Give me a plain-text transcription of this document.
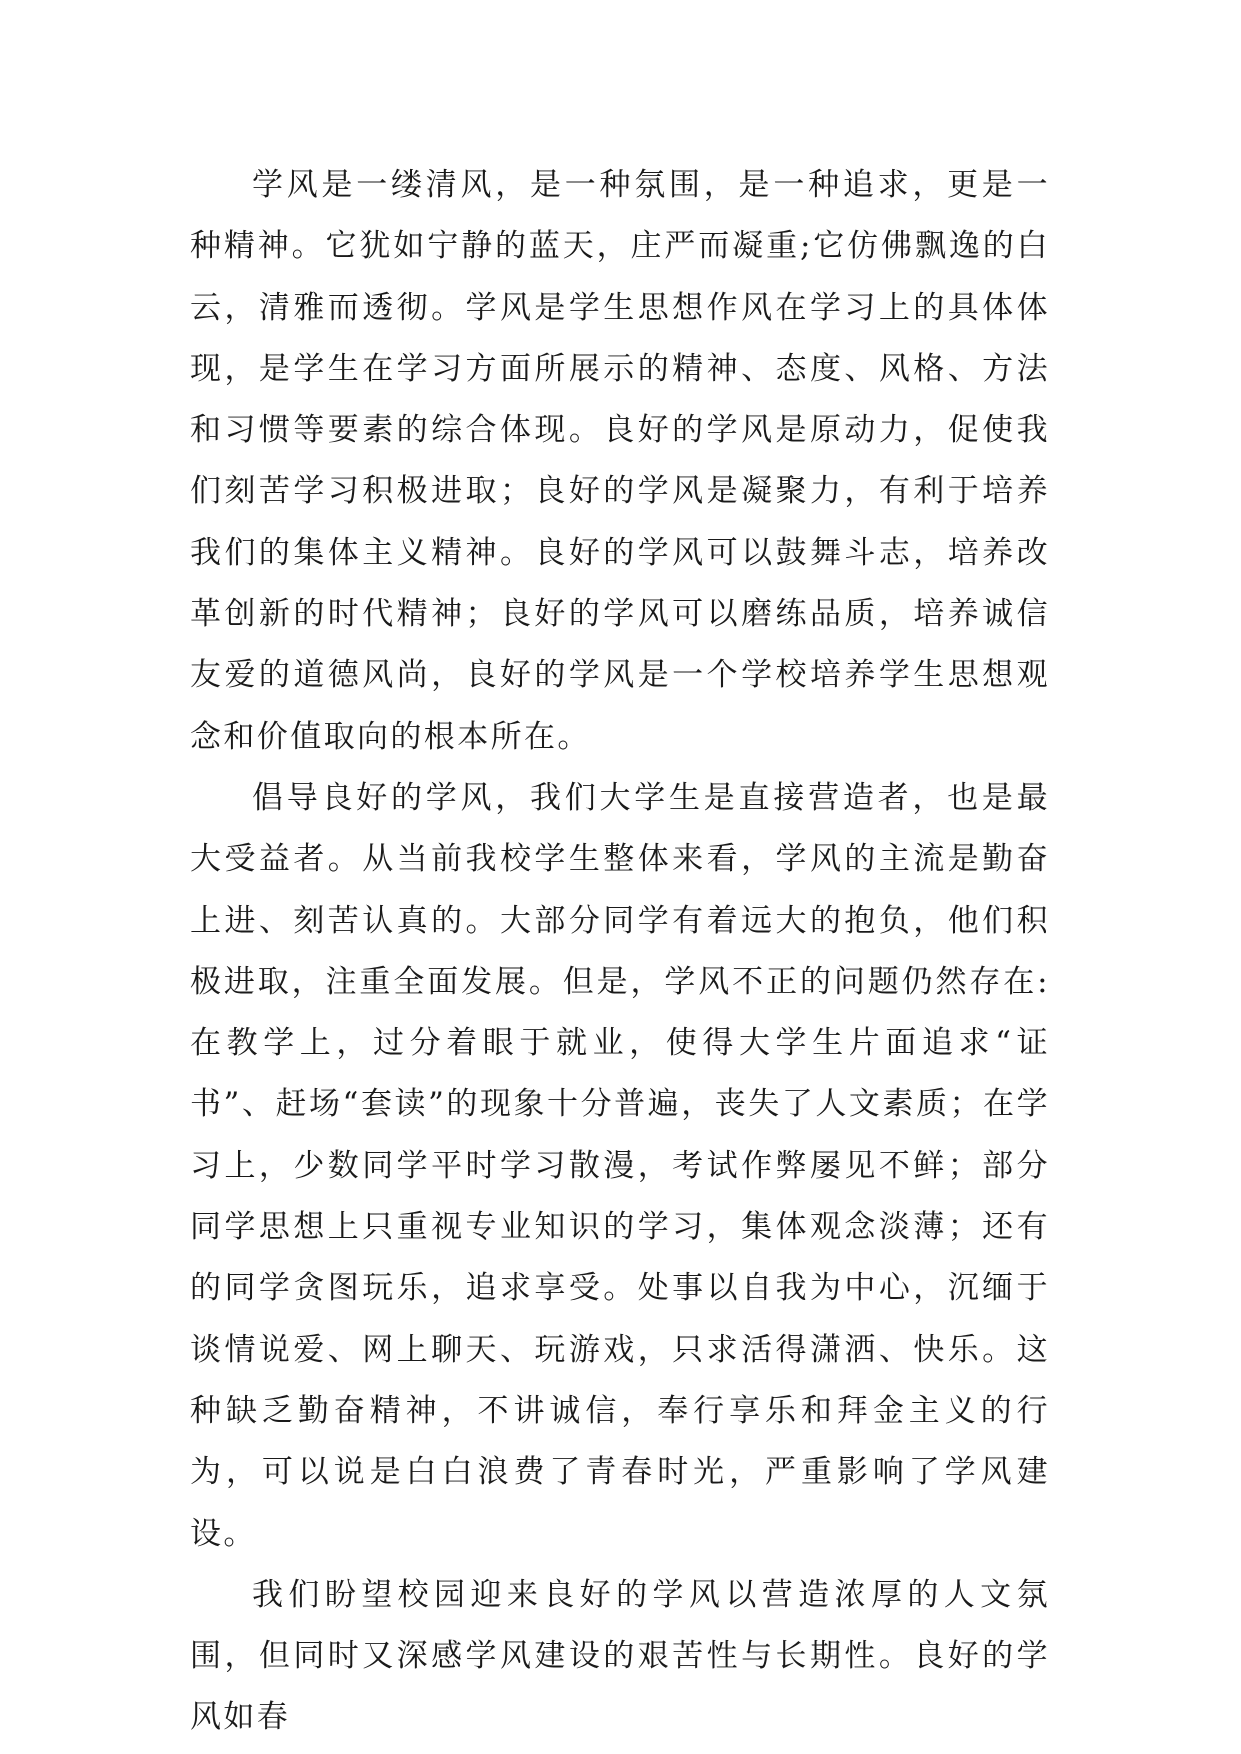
学风是一缕清风，是一种氛围，是一种追求，更是一种精神。它犹如宁静的蓝天，庄严而凝重;它仿佛飘逸的白云，清雅而透彻。学风是学生思想作风在学习上的具体体现，是学生在学习方面所展示的精神、态度、风格、方法和习惯等要素的综合体现。良好的学风是原动力，促使我们刻苦学习积极进取；良好的学风是凝聚力，有利于培养我们的集体主义精神。良好的学风可以鼓舞斗志，培养改革创新的时代精神；良好的学风可以磨练品质，培养诚信友爱的道德风尚，良好的学风是一个学校培养学生思想观念和价值取向的根本所在。

倡导良好的学风，我们大学生是直接营造者，也是最大受益者。从当前我校学生整体来看，学风的主流是勤奋上进、刻苦认真的。大部分同学有着远大的抱负，他们积极进取，注重全面发展。但是，学风不正的问题仍然存在:在教学上，过分着眼于就业，使得大学生片面追求“证书”、赶场“套读”的现象十分普遍，丧失了人文素质；在学习上，少数同学平时学习散漫，考试作弊屡见不鲜；部分同学思想上只重视专业知识的学习，集体观念淡薄；还有的同学贪图玩乐，追求享受。处事以自我为中心，沉缅于谈情说爱、网上聊天、玩游戏，只求活得潇洒、快乐。这种缺乏勤奋精神，不讲诚信，奉行享乐和拜金主义的行为，可以说是白白浪费了青春时光，严重影响了学风建设。

我们盼望校园迎来良好的学风以营造浓厚的人文氛围，但同时又深感学风建设的艰苦性与长期性。良好的学风如春
